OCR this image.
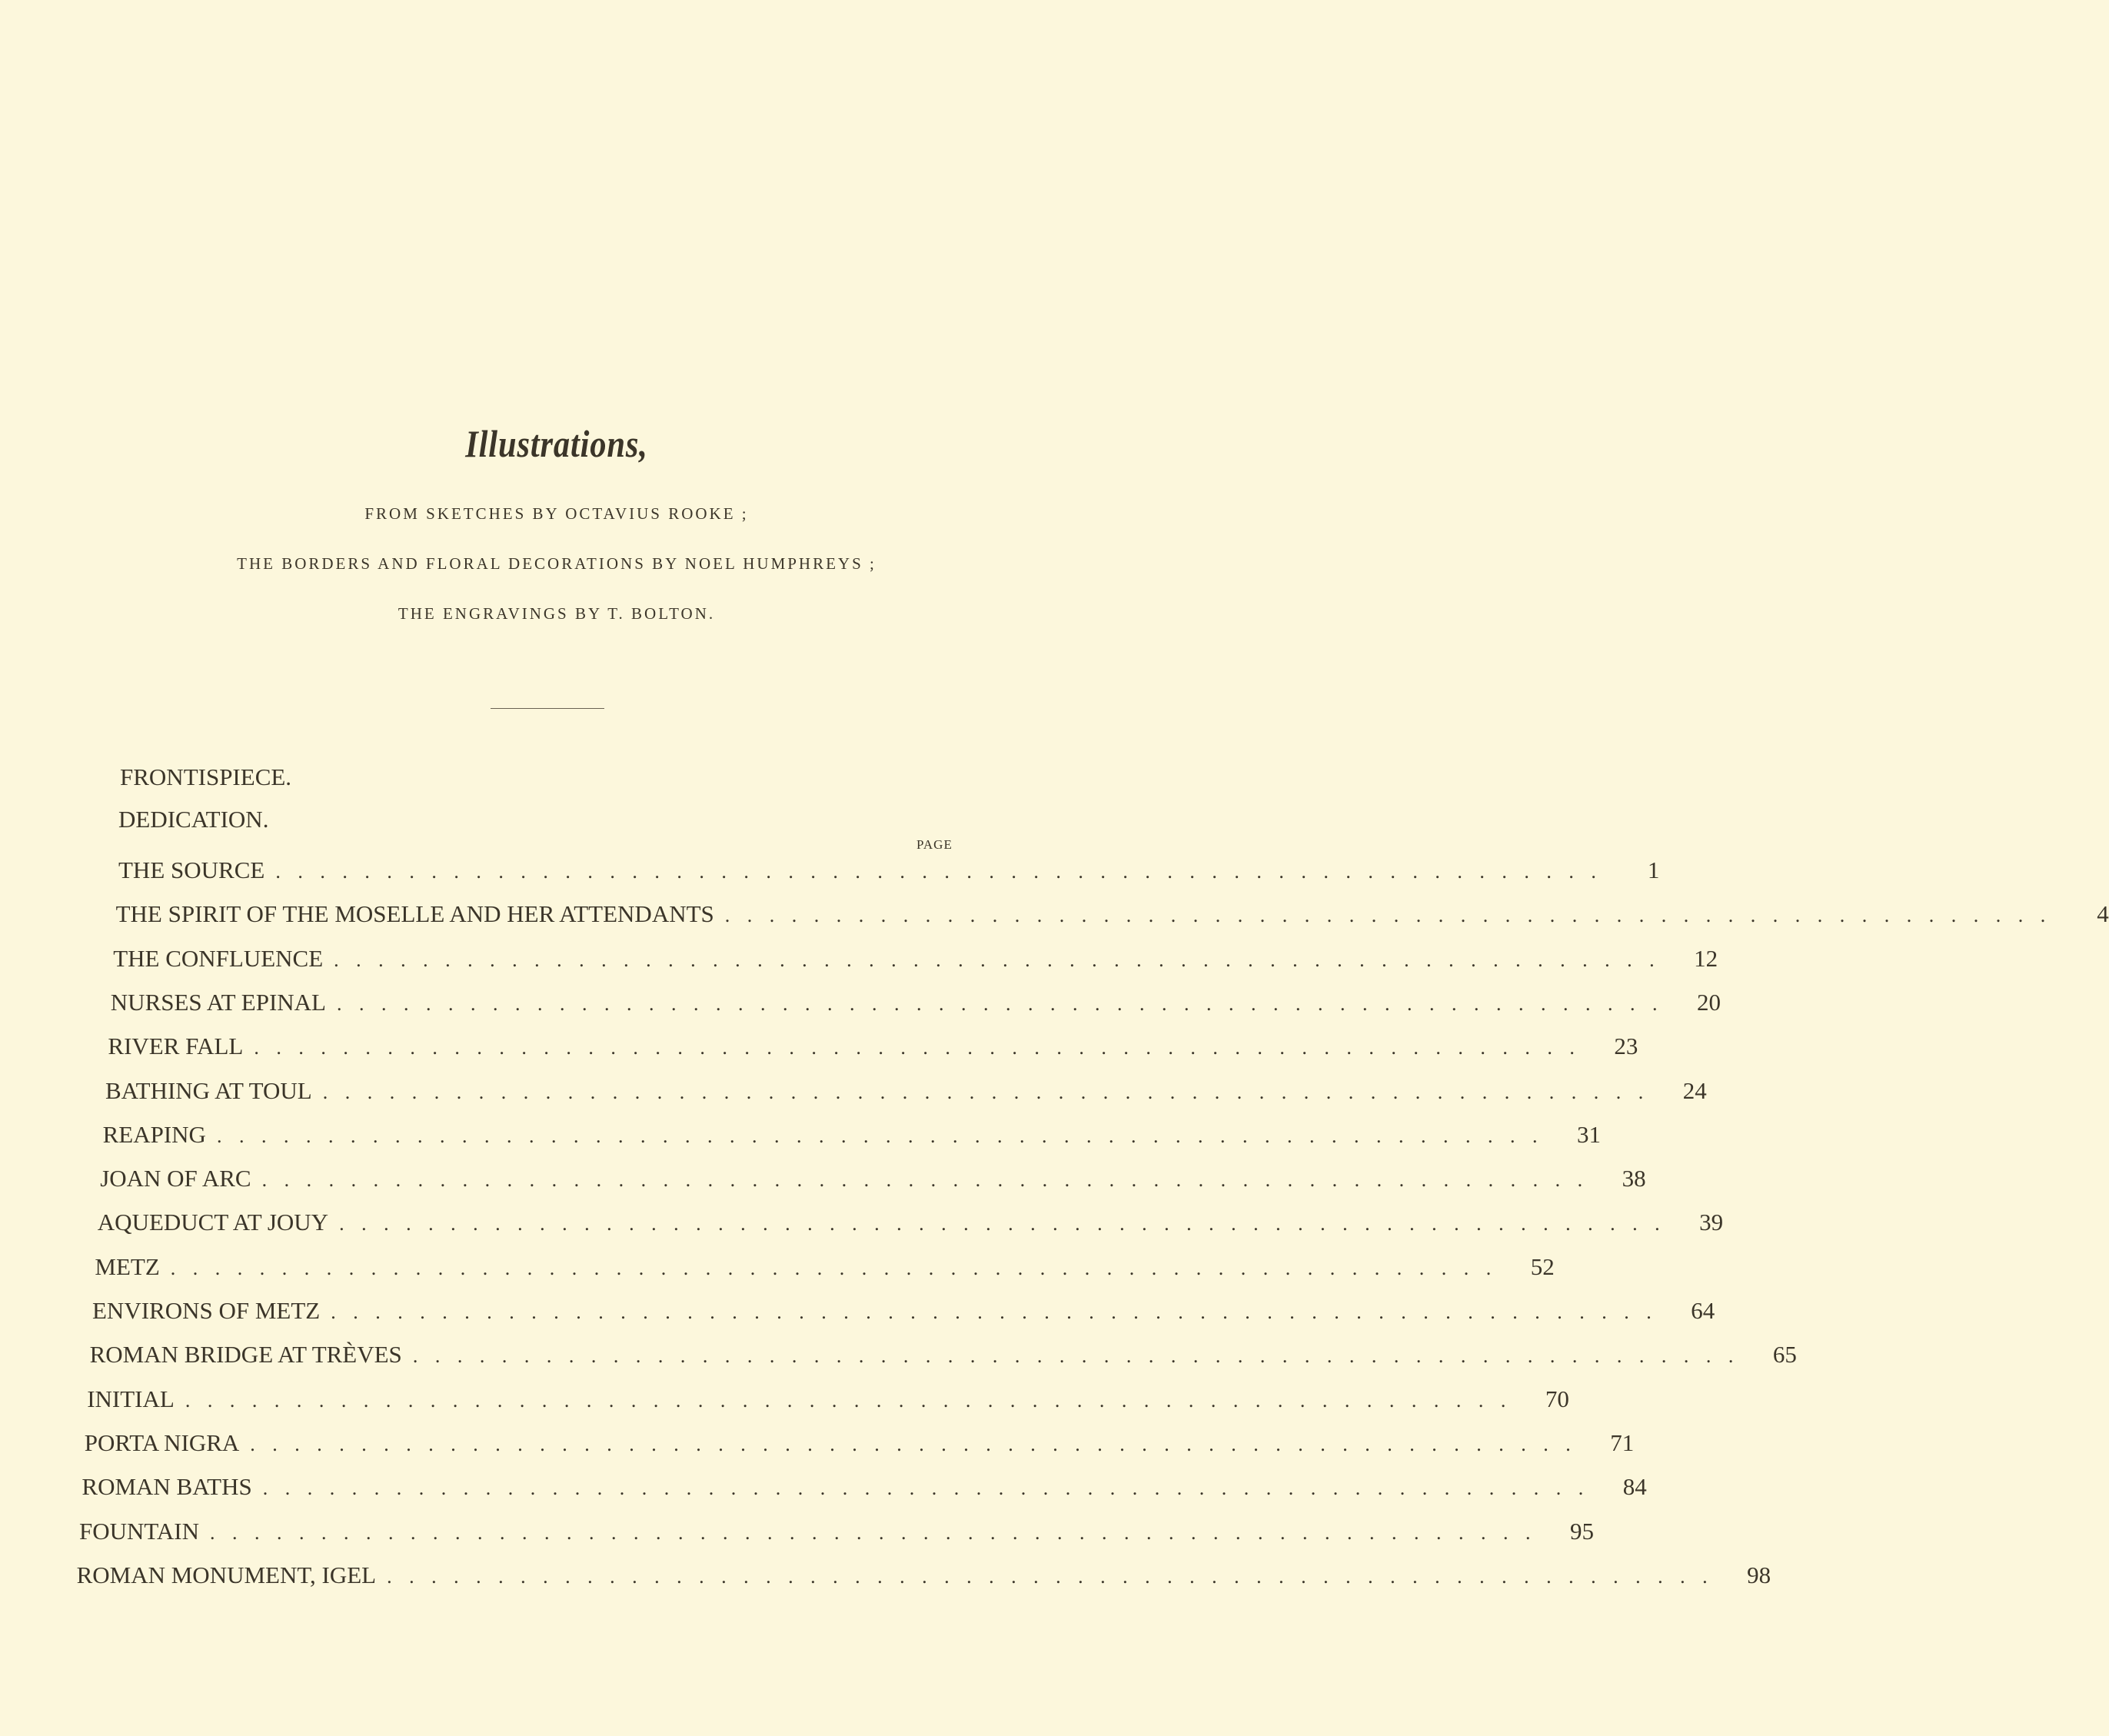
Illustrations,
FROM SKETCHES BY OCTAVIUS ROOKE ;
THE BORDERS AND FLORAL DECORATIONS BY NOEL HUMPHREYS ;
THE ENGRAVINGS BY T. BOLTON.
FRONTISPIECE.
DEDICATION.
PAGE
THE SOURCE ............................................................	1
THE SPIRIT OF THE MOSELLE AND HER ATTENDANTS ............................................................	4
THE CONFLUENCE ............................................................ 12
NURSES AT EPINAL ............................................................ 20
RIVER FALL ............................................................ 23
BATHING AT TOUL ............................................................ 24
REAPING ............................................................ 31
JOAN OF ARC ............................................................ 38
AQUEDUCT AT JOUY ............................................................ 39
METZ ............................................................ 52
ENVIRONS OF METZ ............................................................ 64
ROMAN BRIDGE AT TRÈVES ............................................................ 65
INITIAL ............................................................ 70
PORTA NIGRA ............................................................ 71
ROMAN BATHS ............................................................ 84
FOUNTAIN ............................................................ 95
ROMAN MONUMENT, IGEL ............................................................ 98
